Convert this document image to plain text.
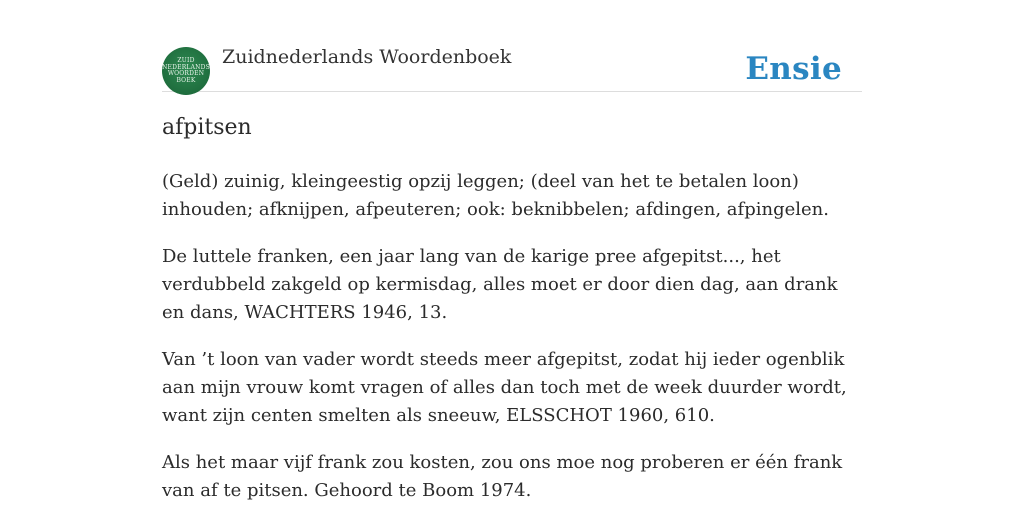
ZUID
NEDERLANDS
WOORDEN
BOEK
Zuidnederlands Woordenboek	Ensie
afpitsen

(Geld) zuinig, kleingeestig opzij leggen; (deel van het te betalen loon) inhouden; afknijpen, afpeuteren; ook: beknibbelen; afdingen, afpingelen.

De luttele franken, een jaar lang van de karige pree afgepitst..., het verdubbeld zakgeld op kermisdag, alles moet er door dien dag, aan drank en dans, WACHTERS 1946, 13.

Van ’t loon van vader wordt steeds meer afgepitst, zodat hij ieder ogenblik aan mijn vrouw komt vragen of alles dan toch met de week duurder wordt, want zijn centen smelten als sneeuw, ELSSCHOT 1960, 610.

Als het maar vijf frank zou kosten, zou ons moe nog proberen er één frank van af te pitsen. Gehoord te Boom 1974.
